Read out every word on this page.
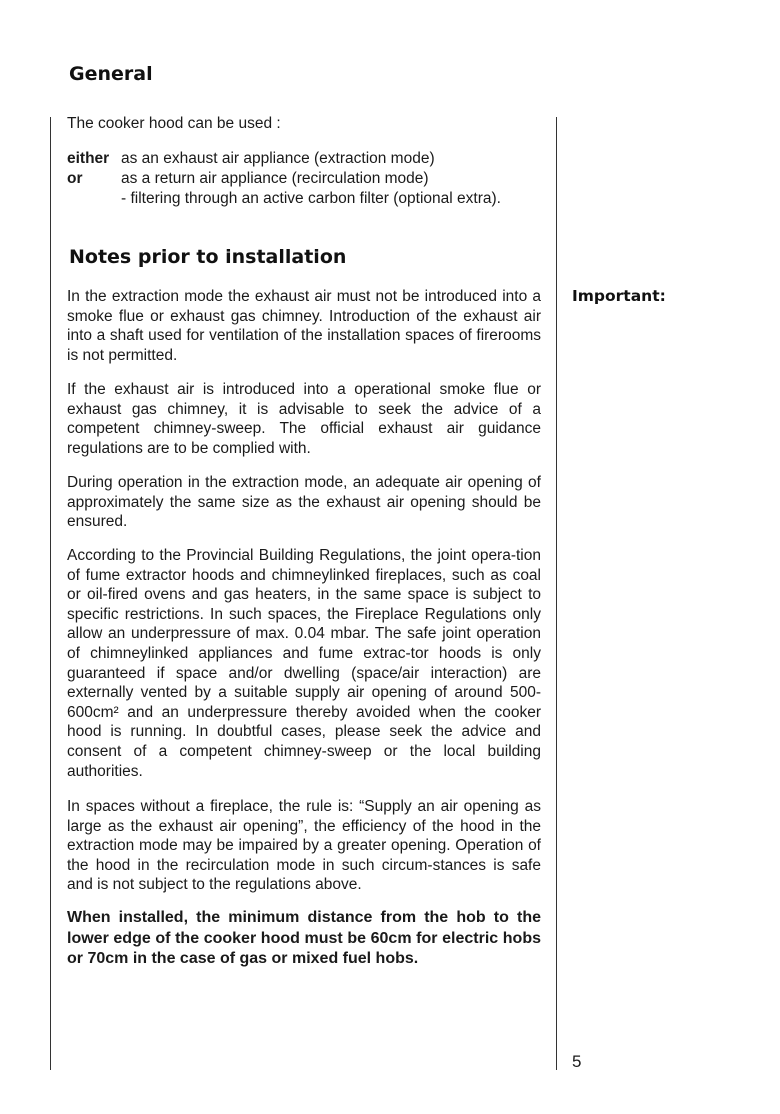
General

The cooker hood can be used :

either as an exhaust air appliance (extraction mode)
or as a return air appliance (recirculation mode)
- filtering through an active carbon filter (optional extra).
Notes prior to installation
Important:

In the extraction mode the exhaust air must not be introduced into a smoke flue or exhaust gas chimney. Introduction of the exhaust air into a shaft used for ventilation of the installation spaces of firerooms is not permitted.

If the exhaust air is introduced into a operational smoke flue or exhaust gas chimney, it is advisable to seek the advice of a competent chimney-sweep. The official exhaust air guidance regulations are to be complied with.

During operation in the extraction mode, an adequate air opening of approximately the same size as the exhaust air opening should be ensured.

According to the Provincial Building Regulations, the joint opera-tion of fume extractor hoods and chimneylinked fireplaces, such as coal or oil-fired ovens and gas heaters, in the same space is subject to specific restrictions. In such spaces, the Fireplace Regulations only allow an underpressure of max. 0.04 mbar. The safe joint operation of chimneylinked appliances and fume extrac-tor hoods is only guaranteed if space and/or dwelling (space/air interaction) are externally vented by a suitable supply air opening of around 500-600cm² and an underpressure thereby avoided when the cooker hood is running. In doubtful cases, please seek the advice and consent of a competent chimney-sweep or the local building authorities.

In spaces without a fireplace, the rule is: “Supply an air opening as large as the exhaust air opening”, the efficiency of the hood in the extraction mode may be impaired by a greater opening. Operation of the hood in the recirculation mode in such circum-stances is safe and is not subject to the regulations above.

When installed, the minimum distance from the hob to the lower edge of the cooker hood must be 60cm for electric hobs or 70cm in the case of gas or mixed fuel hobs.

5
